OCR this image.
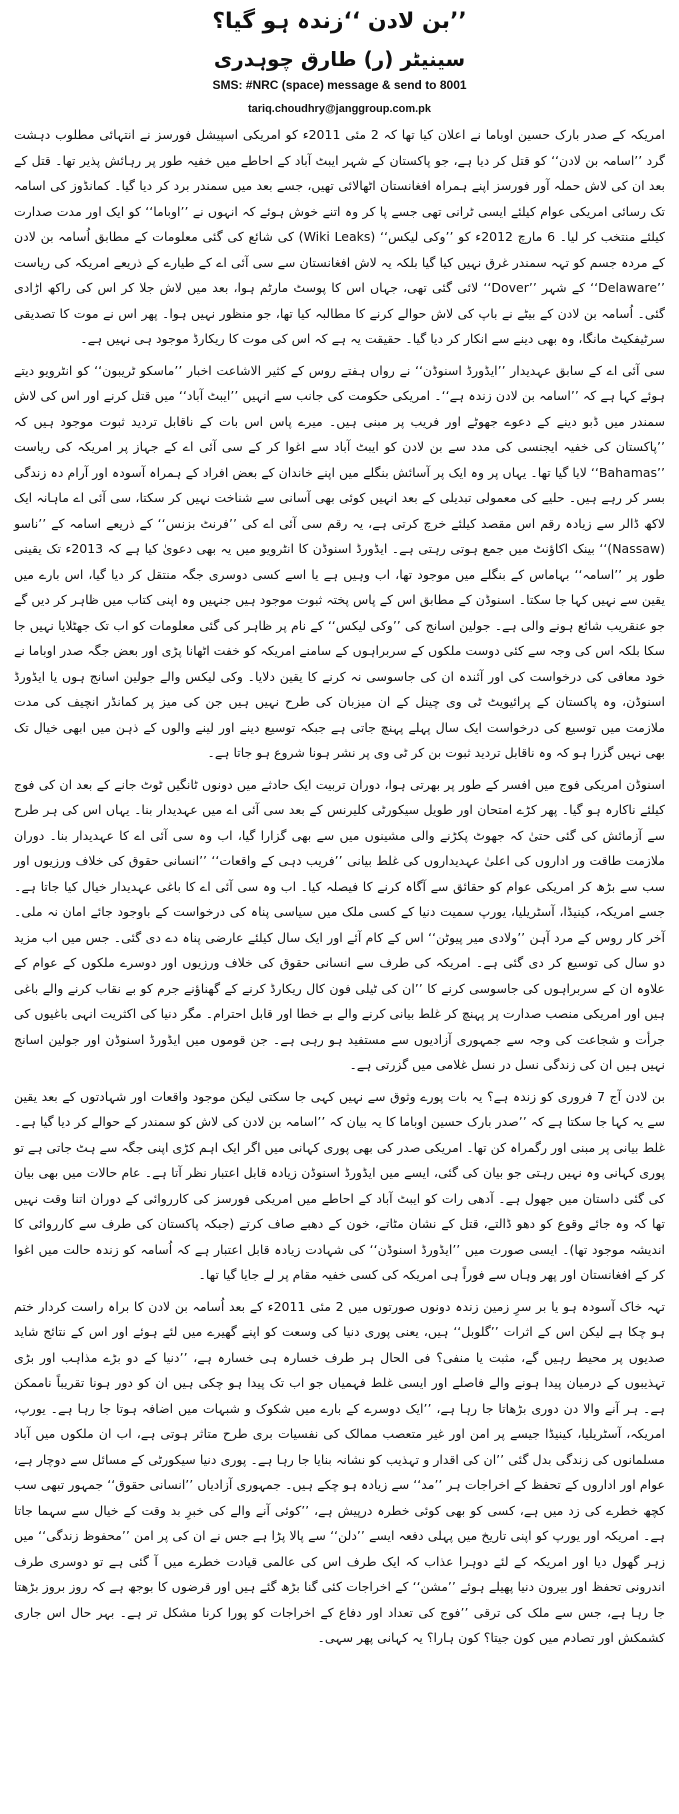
’’بن لادن ‘‘زندہ ہو گیا؟

سینیٹر (ر) طارق چوہدری

SMS: #NRC (space) message & send to 8001

tariq.choudhry@janggroup.com.pk

امریکہ کے صدر بارک حسین اوباما نے اعلان کیا تھا کہ 2 مئی 2011ء کو امریکی اسپیشل فورسز نے انتہائی مطلوب دہشت گرد ’’اسامہ بن لادن‘‘ کو قتل کر دیا ہے، جو پاکستان کے شہر ایبٹ آباد کے احاطے میں خفیہ طور پر رہائش پذیر تھا۔ قتل کے بعد ان کی لاش حملہ آور فورسز اپنے ہمراہ افغانستان اٹھالائی تھیں، جسے بعد میں سمندر برد کر دیا گیا۔ کمانڈوز کی اسامہ تک رسائی امریکی عوام کیلئے ایسی ٹرانی تھی جسے پا کر وہ اتنے خوش ہوئے کہ انہوں نے ’’اوباما‘‘ کو ایک اور مدت صدارت کیلئے منتخب کر لیا۔ 6 مارچ 2012ء کو ’’وکی لیکس‘‘ (Wiki Leaks) کی شائع کی گئی معلومات کے مطابق اُسامہ بن لادن کے مردہ جسم کو تہہ سمندر غرق نہیں کیا گیا بلکہ یہ لاش افغانستان سے سی آئی اے کے طیارے کے ذریعے امریکہ کی ریاست ’’Delaware‘‘ کے شہر ’’Dover‘‘ لائی گئی تھی، جہاں اس کا پوسٹ مارٹم ہوا، بعد میں لاش جلا کر اس کی راکھ اڑادی گئی۔ اُسامہ بن لادن کے بیٹے نے باپ کی لاش حوالے کرنے کا مطالبہ کیا تھا، جو منظور نہیں ہوا۔ پھر اس نے موت کا تصدیقی سرٹیفکیٹ مانگا، وہ بھی دینے سے انکار کر دیا گیا۔ حقیقت یہ ہے کہ اس کی موت کا ریکارڈ موجود ہی نہیں ہے۔

سی آئی اے کے سابق عہدیدار ’’ایڈورڈ اسنوڈن‘‘ نے رواں ہفتے روس کے کثیر الاشاعت اخبار ’’ماسکو ٹریبون‘‘ کو انٹرویو دیتے ہوئے کہا ہے کہ ’’اسامہ بن لادن زندہ ہے‘‘۔ امریکی حکومت کی جانب سے انہیں ’’ایبٹ آباد‘‘ میں قتل کرنے اور اس کی لاش سمندر میں ڈبو دینے کے دعوے جھوٹے اور فریب پر مبنی ہیں۔ میرے پاس اس بات کے ناقابل تردید ثبوت موجود ہیں کہ ’’پاکستان کی خفیہ ایجنسی کی مدد سے بن لادن کو ایبٹ آباد سے اغوا کر کے سی آئی اے کے جہاز پر امریکہ کی ریاست ’’Bahamas‘‘ لایا گیا تھا۔ یہاں پر وہ ایک پر آسائش بنگلے میں اپنے خاندان کے بعض افراد کے ہمراہ آسودہ اور آرام دہ زندگی بسر کر رہے ہیں۔ حلیے کی معمولی تبدیلی کے بعد انہیں کوئی بھی آسانی سے شناخت نہیں کر سکتا، سی آئی اے ماہانہ ایک لاکھ ڈالر سے زیادہ رقم اس مقصد کیلئے خرچ کرتی ہے، یہ رقم سی آئی اے کی ’’فرنٹ بزنس‘‘ کے ذریعے اسامہ کے ’’ناسو (Nassaw)‘‘ بینک اکاؤنٹ میں جمع ہوتی رہتی ہے۔ ایڈورڈ اسنوڈن کا انٹرویو میں یہ بھی دعویٰ کیا ہے کہ 2013ء تک یقینی طور پر ’’اسامہ‘‘ بہاماس کے بنگلے میں موجود تھا، اب وہیں ہے یا اسے کسی دوسری جگہ منتقل کر دیا گیا، اس بارے میں یقین سے نہیں کہا جا سکتا۔ اسنوڈن کے مطابق اس کے پاس پختہ ثبوت موجود ہیں جنہیں وہ اپنی کتاب میں ظاہر کر دیں گے جو عنقریب شائع ہونے والی ہے۔ جولین اسانج کی ’’وکی لیکس‘‘ کے نام پر ظاہر کی گئی معلومات کو اب تک جھٹلایا نہیں جا سکا بلکہ اس کی وجہ سے کئی دوست ملکوں کے سربراہوں کے سامنے امریکہ کو خفت اٹھانا پڑی اور بعض جگہ صدر اوباما نے خود معافی کی درخواست کی اور آئندہ ان کی جاسوسی نہ کرنے کا یقین دلایا۔ وکی لیکس والے جولین اسانج ہوں یا ایڈورڈ اسنوڈن، وہ پاکستان کے پرائیویٹ ٹی وی چینل کے ان میزبان کی طرح نہیں ہیں جن کی میز پر کمانڈر انچیف کی مدت ملازمت میں توسیع کی درخواست ایک سال پہلے پہنچ جاتی ہے جبکہ توسیع دینے اور لینے والوں کے ذہن میں ابھی خیال تک بھی نہیں گزرا ہو کہ وہ ناقابل تردید ثبوت بن کر ٹی وی پر نشر ہونا شروع ہو جاتا ہے۔

اسنوڈن امریکی فوج میں افسر کے طور پر بھرتی ہوا، دوران تربیت ایک حادثے میں دونوں ٹانگیں ٹوٹ جانے کے بعد ان کی فوج کیلئے ناکارہ ہو گیا۔ پھر کڑے امتحان اور طویل سیکورٹی کلیرنس کے بعد سی آئی اے میں عہدیدار بنا۔ یہاں اس کی ہر طرح سے آزمائش کی گئی حتیٰ کہ جھوٹ پکڑنے والی مشینوں میں سے بھی گزارا گیا، اب وہ سی آئی اے کا عہدیدار بنا۔ دوران ملازمت طاقت ور اداروں کی اعلیٰ عہدیداروں کی غلط بیانی ’’فریب دہی کے واقعات‘‘ ’’انسانی حقوق کی خلاف ورزیوں اور سب سے بڑھ کر امریکی عوام کو حقائق سے آگاہ کرنے کا فیصلہ کیا۔ اب وہ سی آئی اے کا باغی عہدیدار خیال کیا جاتا ہے۔ جسے امریکہ، کینیڈا، آسٹریلیا، یورپ سمیت دنیا کے کسی ملک میں سیاسی پناہ کی درخواست کے باوجود جائے امان نہ ملی۔ آخر کار روس کے مرد آہن ’’ولادی میر پیوٹن‘‘ اس کے کام آئے اور ایک سال کیلئے عارضی پناہ دے دی گئی۔ جس میں اب مزید دو سال کی توسیع کر دی گئی ہے۔ امریکہ کی طرف سے انسانی حقوق کی خلاف ورزیوں اور دوسرے ملکوں کے عوام کے علاوہ ان کے سربراہوں کی جاسوسی کرنے کا ’’ان کی ٹیلی فون کال ریکارڈ کرنے کے گھناؤنے جرم کو بے نقاب کرنے والے باغی ہیں اور امریکی منصب صدارت پر پہنچ کر غلط بیانی کرنے والے بے خطا اور قابل احترام۔ مگر دنیا کی اکثریت انہی باغیوں کی جرأت و شجاعت کی وجہ سے جمہوری آزادیوں سے مستفید ہو رہی ہے۔ جن قوموں میں ایڈورڈ اسنوڈن اور جولین اسانج نہیں ہیں ان کی زندگی نسل در نسل غلامی میں گزرتی ہے۔

بن لادن آج 7 فروری کو زندہ ہے؟ یہ بات پورے وثوق سے نہیں کہی جا سکتی لیکن موجود واقعات اور شہادتوں کے بعد یقین سے یہ کہا جا سکتا ہے کہ ’’صدر بارک حسین اوباما کا یہ بیان کہ ’’اسامہ بن لادن کی لاش کو سمندر کے حوالے کر دیا گیا ہے۔ غلط بیانی پر مبنی اور رگمراہ کن تھا۔ امریکی صدر کی بھی پوری کہانی میں اگر ایک اہم کڑی اپنی جگہ سے ہٹ جاتی ہے تو پوری کہانی وہ نہیں رہتی جو بیان کی گئی، ایسے میں ایڈورڈ اسنوڈن زیادہ قابل اعتبار نظر آتا ہے۔ عام حالات میں بھی بیان کی گئی داستان میں جھول ہے۔ آدھی رات کو ایبٹ آباد کے احاطے میں امریکی فورسز کی کارروائی کے دوران اتنا وقت نہیں تھا کہ وہ جائے وقوع کو دھو ڈالتے، قتل کے نشان مٹاتے، خون کے دھبے صاف کرتے (جبکہ پاکستان کی طرف سے کارروائی کا اندیشہ موجود تھا)۔ ایسی صورت میں ’’ایڈورڈ اسنوڈن‘‘ کی شہادت زیادہ قابل اعتبار ہے کہ اُسامہ کو زندہ حالت میں اغوا کر کے افغانستان اور پھر وہاں سے فوراً ہی امریکہ کی کسی خفیہ مقام پر لے جایا گیا تھا۔

تہہ خاک آسودہ ہو یا بر سرِ زمین زندہ دونوں صورتوں میں 2 مئی 2011ء کے بعد اُسامہ بن لادن کا براہ راست کردار ختم ہو چکا ہے لیکن اس کے اثرات ’’گلوبل‘‘ ہیں، یعنی پوری دنیا کی وسعت کو اپنے گھیرے میں لئے ہوئے اور اس کے نتائج شاید صدیوں پر محیط رہیں گے، مثبت یا منفی؟ فی الحال ہر طرف خسارہ ہی خسارہ ہے، ’’دنیا کے دو بڑے مذاہب اور بڑی تہذیبوں کے درمیان پیدا ہونے والے فاصلے اور ایسی غلط فہمیاں جو اب تک پیدا ہو چکی ہیں ان کو دور ہونا تقریباً ناممکن ہے۔ ہر آنے والا دن دوری بڑھاتا جا رہا ہے، ’’ایک دوسرے کے بارے میں شکوک و شبہات میں اضافہ ہوتا جا رہا ہے۔ یورپ، امریکہ، آسٹریلیا، کینیڈا جیسے پر امن اور غیر متعصب ممالک کی نفسیات بری طرح متاثر ہوتی ہے، اب ان ملکوں میں آباد مسلمانوں کی زندگی بدل گئی ’’ان کی اقدار و تہذیب کو نشانہ بنایا جا رہا ہے۔ پوری دنیا سیکورٹی کے مسائل سے دوچار ہے، عوام اور اداروں کے تحفظ کے اخراجات ہر ’’مد‘‘ سے زیادہ ہو چکے ہیں۔ جمہوری آزادیاں ’’انسانی حقوق‘‘ جمہور تبھی سب کچھ خطرے کی زد میں ہے، کسی کو بھی کوئی خطرہ درپیش ہے، ’’کوئی آنے والے کی خبرِ بد وقت کے خیال سے سہما جاتا ہے۔ امریکہ اور یورپ کو اپنی تاریخ میں پہلی دفعہ ایسے ’’دلن‘‘ سے پالا پڑا ہے جس نے ان کی پر امن ’’محفوظ زندگی‘‘ میں زہر گھول دیا اور امریکہ کے لئے دوہرا عذاب کہ ایک طرف اس کی عالمی قیادت خطرے میں آ گئی ہے تو دوسری طرف اندرونی تحفظ اور بیرون دنیا پھیلے ہوئے ’’مشن‘‘ کے اخراجات کئی گنا بڑھ گئے ہیں اور قرضوں کا بوجھ ہے کہ روز بروز بڑھتا جا رہا ہے، جس سے ملک کی ترقی ’’فوج کی تعداد اور دفاع کے اخراجات کو پورا کرنا مشکل تر ہے۔ بہر حال اس جاری کشمکش اور تصادم میں کون جیتا؟ کون ہارا؟ یہ کہانی پھر سہی۔
